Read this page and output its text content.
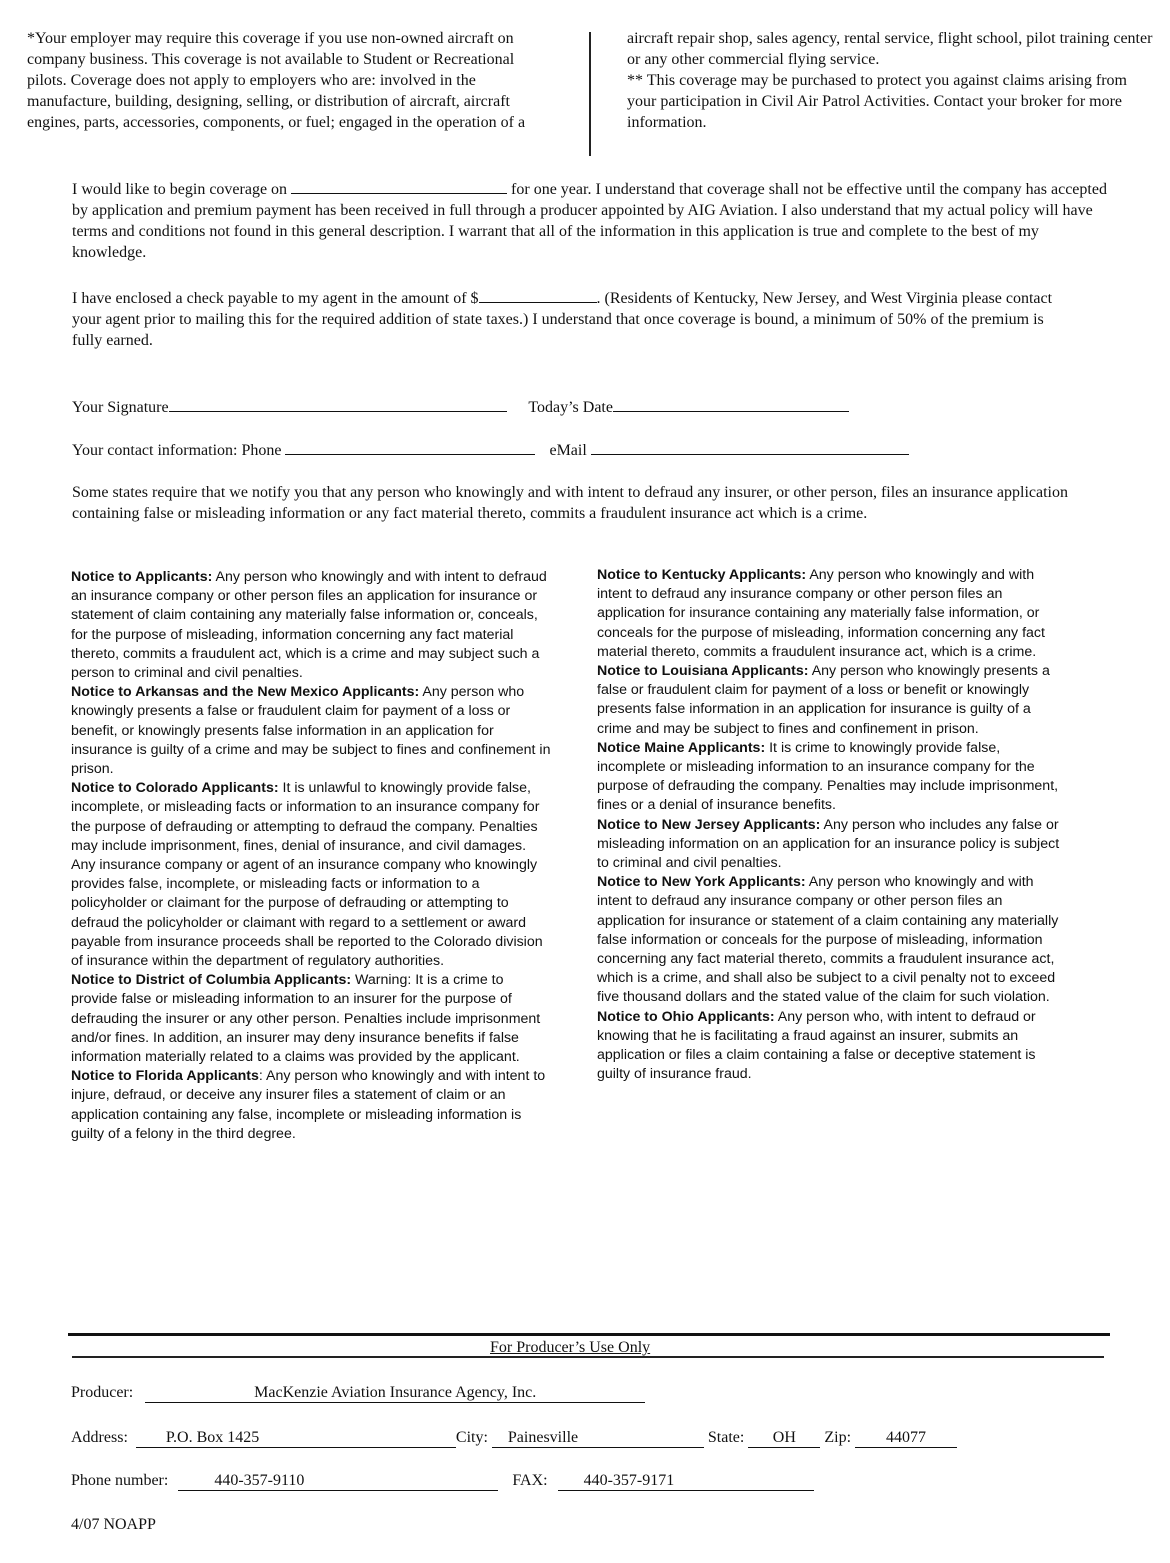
*Your employer may require this coverage if you use non-owned aircraft on company business. This coverage is not available to Student or Recreational pilots. Coverage does not apply to employers who are: involved in the manufacture, building, designing, selling, or distribution of aircraft, aircraft engines, parts, accessories, components, or fuel; engaged in the operation of a

aircraft repair shop, sales agency, rental service, flight school, pilot training center or any other commercial flying service.

** This coverage may be purchased to protect you against claims arising from your participation in Civil Air Patrol Activities. Contact your broker for more information.

I would like to begin coverage on	for one year. I understand that coverage shall not be effective until the company has accepted by application and premium payment has been received in full through a producer appointed by AIG Aviation. I also understand that my actual policy will have terms and conditions not found in this general description. I warrant that all of the information in this application is true and complete to the best of my knowledge.
I have enclosed a check payable to my agent in the amount of $	. (Residents of Kentucky, New Jersey, and West Virginia please contact your agent prior to mailing this for the required addition of state taxes.) I understand that once coverage is bound, a minimum of 50% of the premium is fully earned.
Your Signature	Today’s Date
Your contact information: Phone	eMail

Some states require that we notify you that any person who knowingly and with intent to defraud any insurer, or other person, files an insurance application containing false or misleading information or any fact material thereto, commits a fraudulent insurance act which is a crime.

Notice to Applicants: Any person who knowingly and with intent to defraud an insurance company or other person files an application for insurance or statement of claim containing any materially false information or, conceals, for the purpose of misleading, information concerning any fact material thereto, commits a fraudulent act, which is a crime and may subject such a person to criminal and civil penalties.

Notice to Arkansas and the New Mexico Applicants: Any person who knowingly presents a false or fraudulent claim for payment of a loss or benefit, or knowingly presents false information in an application for insurance is guilty of a crime and may be subject to fines and confinement in prison.

Notice to Colorado Applicants: It is unlawful to knowingly provide false, incomplete, or misleading facts or information to an insurance company for the purpose of defrauding or attempting to defraud the company. Penalties may include imprisonment, fines, denial of insurance, and civil damages. Any insurance company or agent of an insurance company who knowingly provides false, incomplete, or misleading facts or information to a policyholder or claimant for the purpose of defrauding or attempting to defraud the policyholder or claimant with regard to a settlement or award payable from insurance proceeds shall be reported to the Colorado division of insurance within the department of regulatory authorities.

Notice to District of Columbia Applicants: Warning: It is a crime to provide false or misleading information to an insurer for the purpose of defrauding the insurer or any other person. Penalties include imprisonment and/or fines. In addition, an insurer may deny insurance benefits if false information materially related to a claims was provided by the applicant.

Notice to Florida Applicants: Any person who knowingly and with intent to injure, defraud, or deceive any insurer files a statement of claim or an application containing any false, incomplete or misleading information is guilty of a felony in the third degree.

Notice to Kentucky Applicants: Any person who knowingly and with intent to defraud any insurance company or other person files an application for insurance containing any materially false information, or conceals for the purpose of misleading, information concerning any fact material thereto, commits a fraudulent insurance act, which is a crime.

Notice to Louisiana Applicants: Any person who knowingly presents a false or fraudulent claim for payment of a loss or benefit or knowingly presents false information in an application for insurance is guilty of a crime and may be subject to fines and confinement in prison.

Notice Maine Applicants: It is crime to knowingly provide false, incomplete or misleading information to an insurance company for the purpose of defrauding the company. Penalties may include imprisonment, fines or a denial of insurance benefits.

Notice to New Jersey Applicants: Any person who includes any false or misleading information on an application for an insurance policy is subject to criminal and civil penalties.

Notice to New York Applicants: Any person who knowingly and with intent to defraud any insurance company or other person files an application for insurance or statement of a claim containing any materially false information or conceals for the purpose of misleading, information concerning any fact material thereto, commits a fraudulent insurance act, which is a crime, and shall also be subject to a civil penalty not to exceed five thousand dollars and the stated value of the claim for such violation.

Notice to Ohio Applicants: Any person who, with intent to defraud or knowing that he is facilitating a fraud against an insurer, submits an application or files a claim containing a false or deceptive statement is guilty of insurance fraud.

For Producer’s Use Only
Producer:	MacKenzie Aviation Insurance Agency, Inc.
Address: P.O. Box 1425	City: Painesville	State: OH Zip: 44077
Phone number:	440-357-9110	FAX: 440-357-9171
4/07 NOAPP
